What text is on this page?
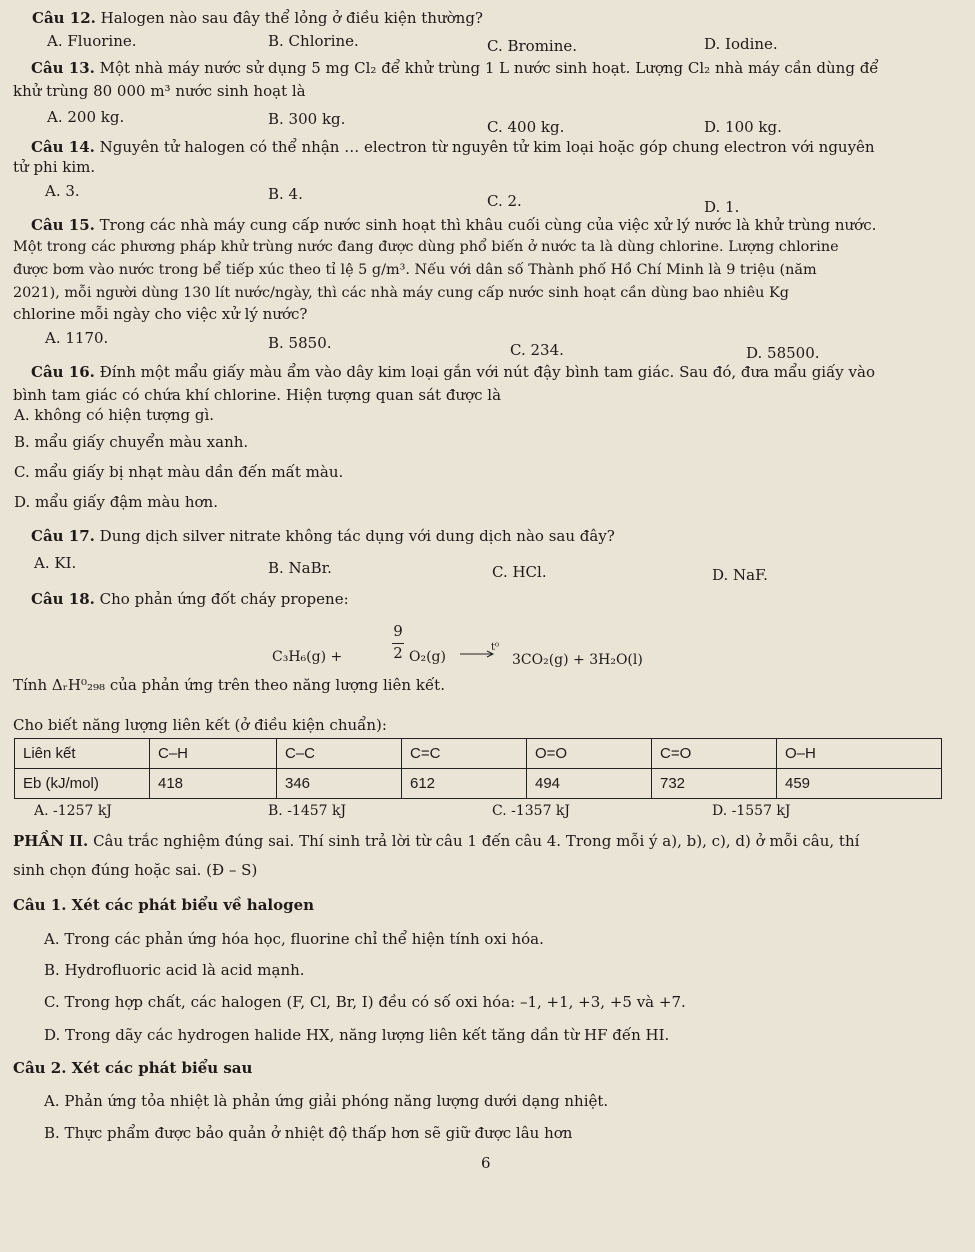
Câu 12. Halogen nào sau đây thể lỏng ở điều kiện thường?
A. Fluorine.	B. Chlorine.	C. Bromine.	D. Iodine.
Câu 13. Một nhà máy nước sử dụng 5 mg Cl₂ để khử trùng 1 L nước sinh hoạt. Lượng Cl₂ nhà máy cần dùng để
khử trùng 80 000 m³ nước sinh hoạt là
A. 200 kg.	B. 300 kg.	C. 400 kg.	D. 100 kg.
Câu 14. Nguyên tử halogen có thể nhận … electron từ nguyên tử kim loại hoặc góp chung electron với nguyên
tử phi kim.
A. 3.	B. 4.	C. 2.	D. 1.
Câu 15. Trong các nhà máy cung cấp nước sinh hoạt thì khâu cuối cùng của việc xử lý nước là khử trùng nước.
Một trong các phương pháp khử trùng nước đang được dùng phổ biến ở nước ta là dùng chlorine. Lượng chlorine
được bơm vào nước trong bể tiếp xúc theo tỉ lệ 5 g/m³. Nếu với dân số Thành phố Hồ Chí Minh là 9 triệu (năm
2021), mỗi người dùng 130 lít nước/ngày, thì các nhà máy cung cấp nước sinh hoạt cần dùng bao nhiêu Kg
chlorine mỗi ngày cho việc xử lý nước?
A. 1170.	B. 5850.	C. 234.	D. 58500.
Câu 16. Đính một mẩu giấy màu ẩm vào dây kim loại gắn với nút đậy bình tam giác. Sau đó, đưa mẩu giấy vào
bình tam giác có chứa khí chlorine. Hiện tượng quan sát được là
A. không có hiện tượng gì.
B. mẩu giấy chuyển màu xanh.
C. mẩu giấy bị nhạt màu dần đến mất màu.
D. mẩu giấy đậm màu hơn.
Câu 17. Dung dịch silver nitrate không tác dụng với dung dịch nào sau đây?
A. KI.	B. NaBr.	C. HCl.	D. NaF.
Câu 18. Cho phản ứng đốt cháy propene:
C₃H₆(g) +
9
2 O₂(g)
t⁰
→ 3CO₂(g) + 3H₂O(l)
Tính ΔᵣH⁰₂₉₈ của phản ứng trên theo năng lượng liên kết.
Cho biết năng lượng liên kết (ở điều kiện chuẩn):
Liên kết	C–H	C–C	C=C	O=O	C=O	O–H
Eb (kJ/mol)	418	346	612	494	732	459
A. -1257 kJ	B. -1457 kJ	C. -1357 kJ	D. -1557 kJ
PHẦN II. Câu trắc nghiệm đúng sai. Thí sinh trả lời từ câu 1 đến câu 4. Trong mỗi ý a), b), c), d) ở mỗi câu, thí
sinh chọn đúng hoặc sai. (Đ – S)
Câu 1. Xét các phát biểu về halogen
A. Trong các phản ứng hóa học, fluorine chỉ thể hiện tính oxi hóa.
B. Hydrofluoric acid là acid mạnh.
C. Trong hợp chất, các halogen (F, Cl, Br, I) đều có số oxi hóa: –1, +1, +3, +5 và +7.
D. Trong dãy các hydrogen halide HX, năng lượng liên kết tăng dần từ HF đến HI.
Câu 2. Xét các phát biểu sau
A. Phản ứng tỏa nhiệt là phản ứng giải phóng năng lượng dưới dạng nhiệt.
B. Thực phẩm được bảo quản ở nhiệt độ thấp hơn sẽ giữ được lâu hơn
6
